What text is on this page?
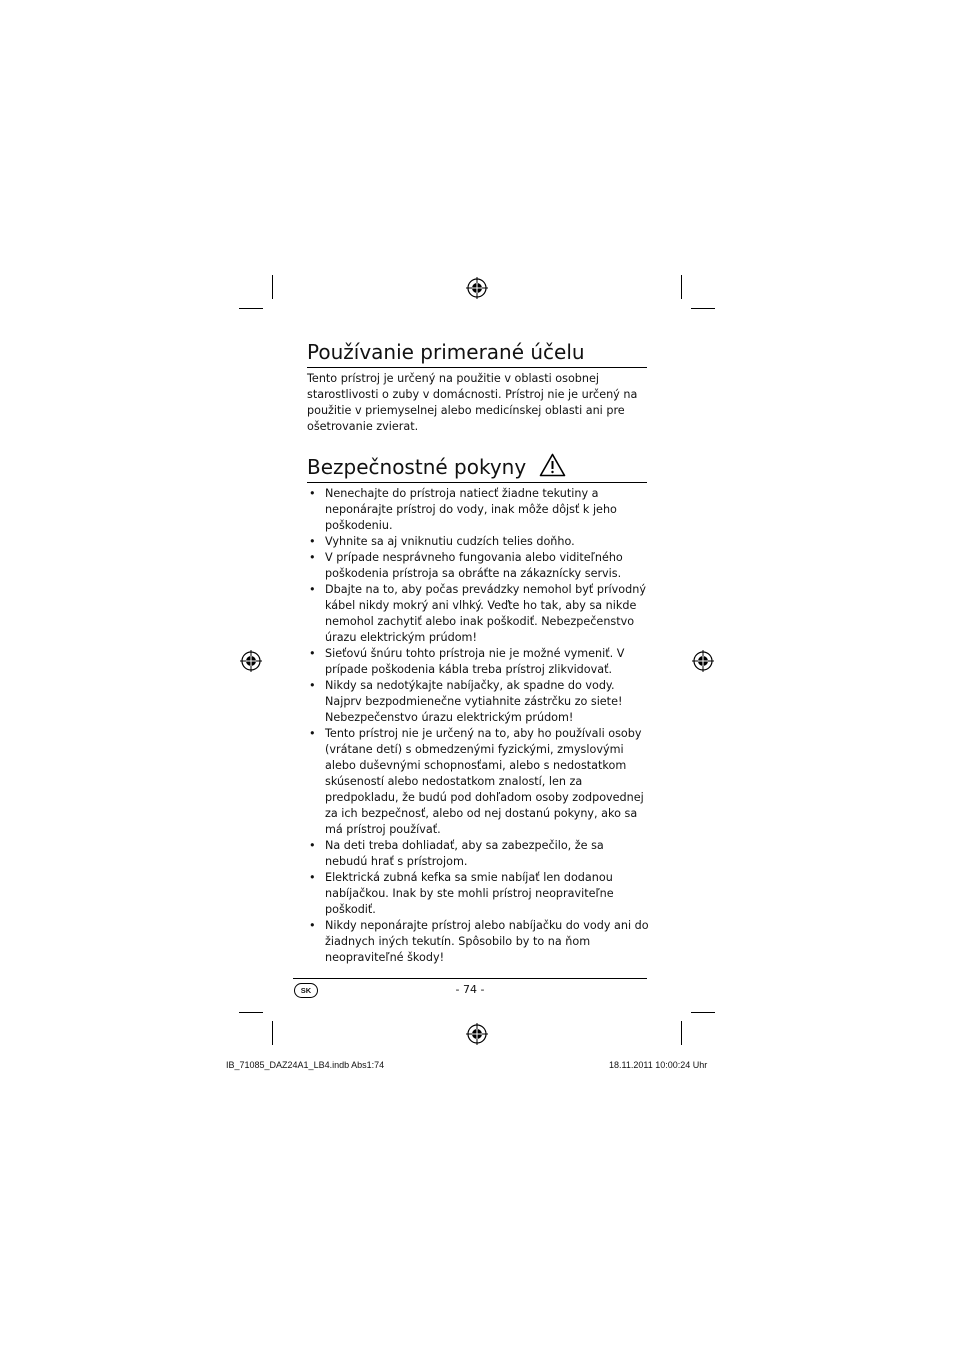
Používanie primerané účelu

Tento prístroj je určený na použitie v oblasti osobnej starostlivosti o zuby v domácnosti. Prístroj nie je určený na použitie v priemyselnej alebo medicínskej oblasti ani pre ošetrovanie zvierat.

Bezpečnostné pokyny
• Nenechajte do prístroja natiecť žiadne tekutiny a neponárajte prístroj do vody, inak môže dôjsť k jeho poškodeniu.
• Vyhnite sa aj vniknutiu cudzích telies doňho.
• V prípade nesprávneho fungovania alebo viditeľného poškodenia prístroja sa obráťte na zákaznícky servis.
• Dbajte na to, aby počas prevádzky nemohol byť prívodný kábel nikdy mokrý ani vlhký. Veďte ho tak, aby sa nikde nemohol zachytiť alebo inak poškodiť. Nebezpečenstvo úrazu elektrickým prúdom!
• Sieťovú šnúru tohto prístroja nie je možné vymeniť. V prípade poškodenia kábla treba prístroj zlikvidovať.
• Nikdy sa nedotýkajte nabíjačky, ak spadne do vody. Najprv bezpodmienečne vytiahnite zástrčku zo siete! Nebezpečenstvo úrazu elektrickým prúdom!
• Tento prístroj nie je určený na to, aby ho používali osoby (vrátane detí) s obmedzenými fyzickými, zmyslovými alebo duševnými schopnosťami, alebo s nedostatkom skúseností alebo nedostatkom znalostí, len za predpokladu, že budú pod dohľadom osoby zodpovednej za ich bezpečnosť, alebo od nej dostanú pokyny, ako sa má prístroj používať.
• Na deti treba dohliadať, aby sa zabezpečilo, že sa nebudú hrať s prístrojom.
• Elektrická zubná kefka sa smie nabíjať len dodanou nabíjačkou. Inak by ste mohli prístroj neopraviteľne poškodiť.
• Nikdy neponárajte prístroj alebo nabíjačku do vody ani do žiadnych iných tekutín. Spôsobilo by to na ňom neopraviteľné škody!
SK	- 74 -
IB_71085_DAZ24A1_LB4.indb Abs1:74	18.11.2011 10:00:24 Uhr
